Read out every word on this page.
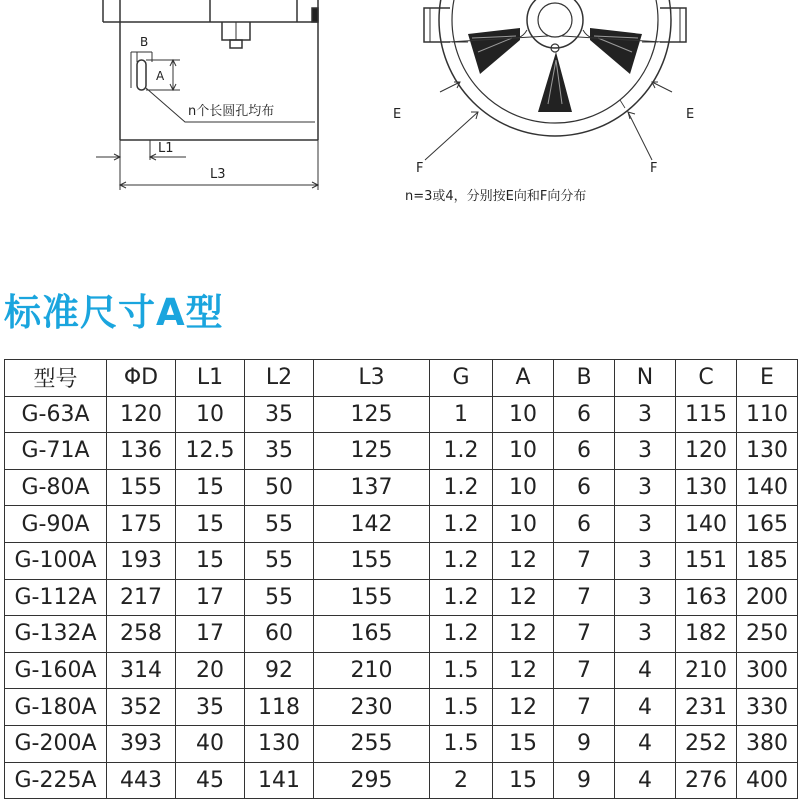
B
A
n个长圆孔均布
L1
L3
E	E
F	F
n=3或4，分别按E向和F向分布
标准尺寸A型
型号	ΦD	L1	L2	L3	G	A	B	N	C	E
G-63A	120	10	35	125	1	10	6	3	115	110
G-71A	136	12.5	35	125	1.2	10	6	3	120	130
G-80A	155	15	50	137	1.2	10	6	3	130	140
G-90A	175	15	55	142	1.2	10	6	3	140	165
G-100A	193	15	55	155	1.2	12	7	3	151	185
G-112A	217	17	55	155	1.2	12	7	3	163	200
G-132A	258	17	60	165	1.2	12	7	3	182	250
G-160A	314	20	92	210	1.5	12	7	4	210	300
G-180A	352	35	118	230	1.5	12	7	4	231	330
G-200A	393	40	130	255	1.5	15	9	4	252	380
G-225A	443	45	141	295	2	15	9	4	276	400
